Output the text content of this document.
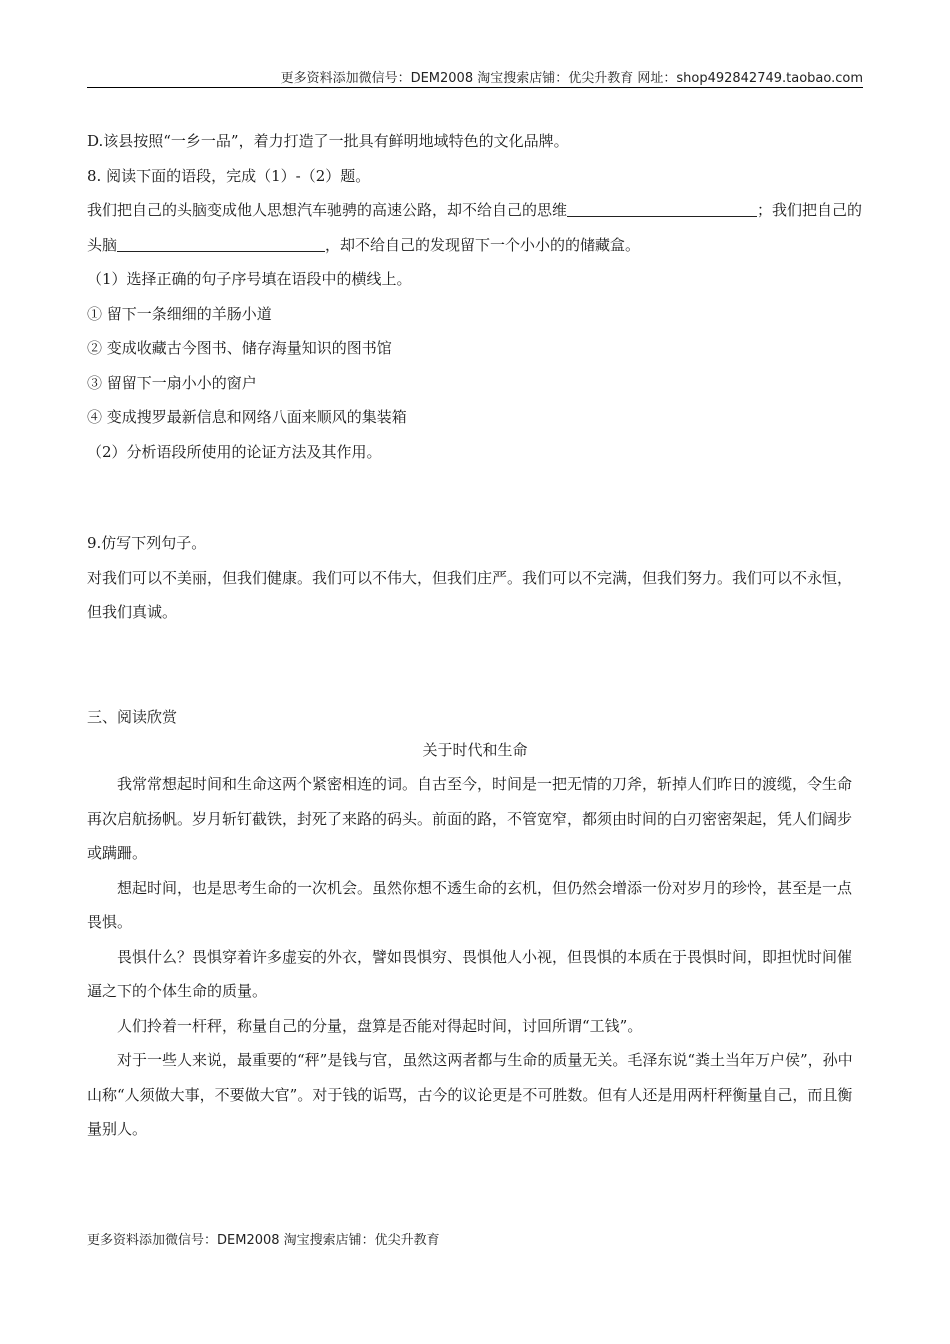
更多资料添加微信号：DEM2008 淘宝搜索店铺：优尖升教育 网址：shop492842749.taobao.com

D.该县按照“一乡一品”，着力打造了一批具有鲜明地域特色的文化品牌。

8. 阅读下面的语段，完成（1）-（2）题。

我们把自己的头脑变成他人思想汽车驰骋的高速公路，却不给自己的思维	；我们把自己的头脑	，却不给自己的发现留下一个小小的的储藏盒。

（1）选择正确的句子序号填在语段中的横线上。

① 留下一条细细的羊肠小道

② 变成收藏古今图书、储存海量知识的图书馆

③ 留留下一扇小小的窗户

④ 变成搜罗最新信息和网络八面来顺风的集装箱

（2）分析语段所使用的论证方法及其作用。

9.仿写下列句子。

对我们可以不美丽，但我们健康。我们可以不伟大，但我们庄严。我们可以不完满，但我们努力。我们可以不永恒，但我们真诚。

三、阅读欣赏

关于时代和生命

我常常想起时间和生命这两个紧密相连的词。自古至今，时间是一把无情的刀斧，斩掉人们昨日的渡缆，令生命再次启航扬帆。岁月斩钉截铁，封死了来路的码头。前面的路，不管宽窄，都须由时间的白刃密密架起，凭人们阔步或蹒跚。

想起时间，也是思考生命的一次机会。虽然你想不透生命的玄机，但仍然会增添一份对岁月的珍怜，甚至是一点畏惧。

畏惧什么？畏惧穿着许多虚妄的外衣，譬如畏惧穷、畏惧他人小视，但畏惧的本质在于畏惧时间，即担忧时间催逼之下的个体生命的质量。

人们拎着一杆秤，称量自己的分量，盘算是否能对得起时间，讨回所谓“工钱”。

对于一些人来说，最重要的“秤”是钱与官，虽然这两者都与生命的质量无关。毛泽东说“粪土当年万户侯”，孙中山称“人须做大事，不要做大官”。对于钱的诟骂，古今的议论更是不可胜数。但有人还是用两杆秤衡量自己，而且衡量别人。

更多资料添加微信号：DEM2008 淘宝搜索店铺：优尖升教育
